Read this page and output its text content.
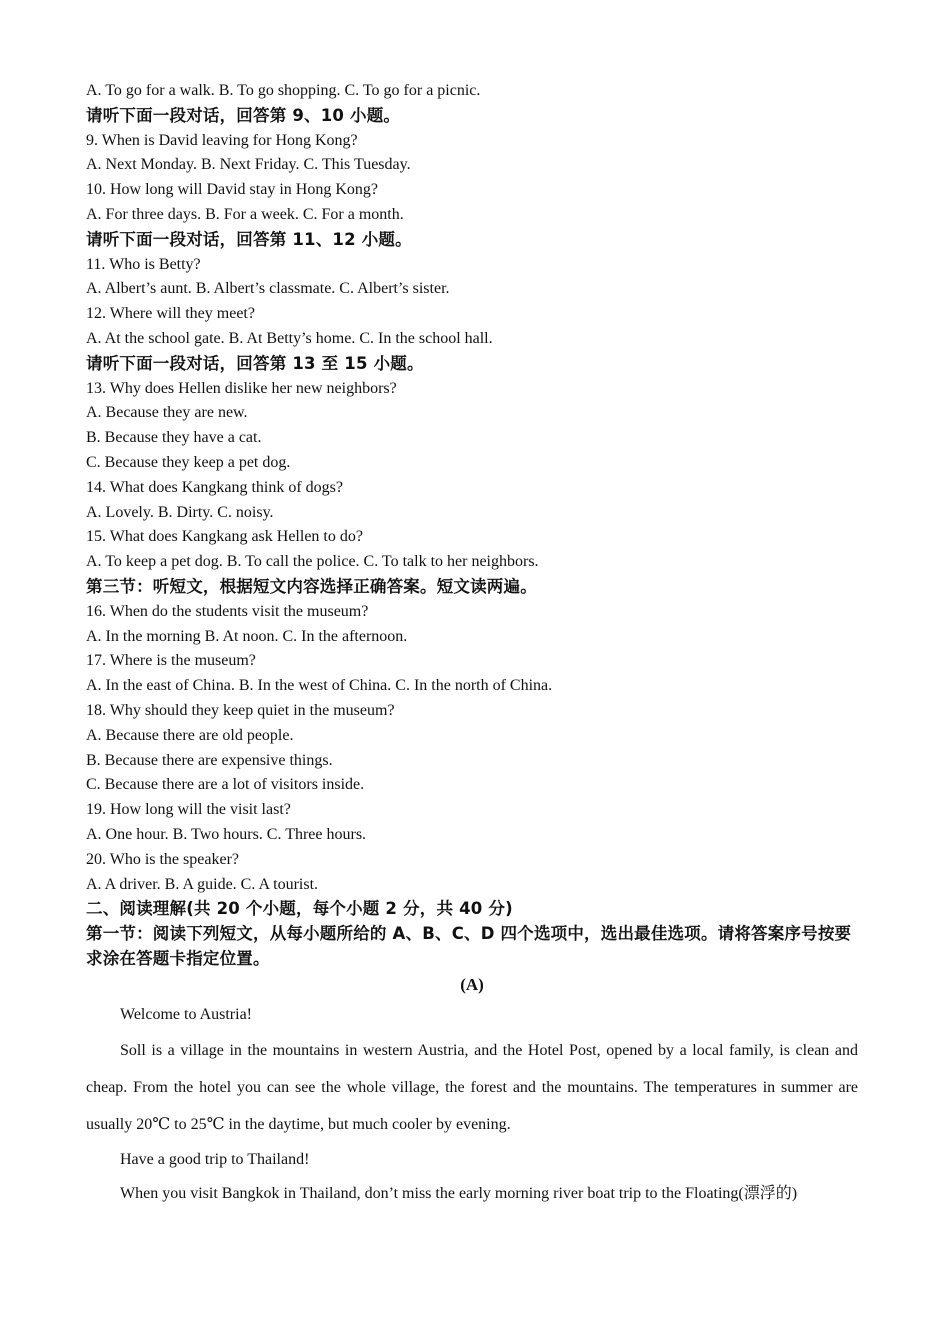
A. To go for a walk. B. To go shopping. C. To go for a picnic.
请听下面一段对话，回答第 9、10 小题。
9. When is David leaving for Hong Kong?
A. Next Monday. B. Next Friday. C. This Tuesday.
10. How long will David stay in Hong Kong?
A. For three days. B. For a week. C. For a month.
请听下面一段对话，回答第 11、12 小题。
11. Who is Betty?
A. Albert’s aunt. B. Albert’s classmate. C. Albert’s sister.
12. Where will they meet?
A. At the school gate. B. At Betty’s home. C. In the school hall.
请听下面一段对话，回答第 13 至 15 小题。
13. Why does Hellen dislike her new neighbors?
A. Because they are new.
B. Because they have a cat.
C. Because they keep a pet dog.
14. What does Kangkang think of dogs?
A. Lovely. B. Dirty. C. noisy.
15. What does Kangkang ask Hellen to do?
A. To keep a pet dog. B. To call the police. C. To talk to her neighbors.
第三节：听短文，根据短文内容选择正确答案。短文读两遍。
16. When do the students visit the museum?
A. In the morning B. At noon. C. In the afternoon.
17. Where is the museum?
A. In the east of China. B. In the west of China. C. In the north of China.
18. Why should they keep quiet in the museum?
A. Because there are old people.
B. Because there are expensive things.
C. Because there are a lot of visitors inside.
19. How long will the visit last?
A. One hour. B. Two hours. C. Three hours.
20. Who is the speaker?
A. A driver. B. A guide. C. A tourist.
二、阅读理解(共 20 个小题，每个小题 2 分，共 40 分)
第一节：阅读下列短文，从每小题所给的 A、B、C、D 四个选项中，选出最佳选项。请将答案序号按要求涂在答题卡指定位置。
(A)
Welcome to Austria!
Soll is a village in the mountains in western Austria, and the Hotel Post, opened by a local family, is clean and cheap. From the hotel you can see the whole village, the forest and the mountains. The temperatures in summer are usually 20℃ to 25℃ in the daytime, but much cooler by evening.
Have a good trip to Thailand!
When you visit Bangkok in Thailand, don’t miss the early morning river boat trip to the Floating(漂浮的)
